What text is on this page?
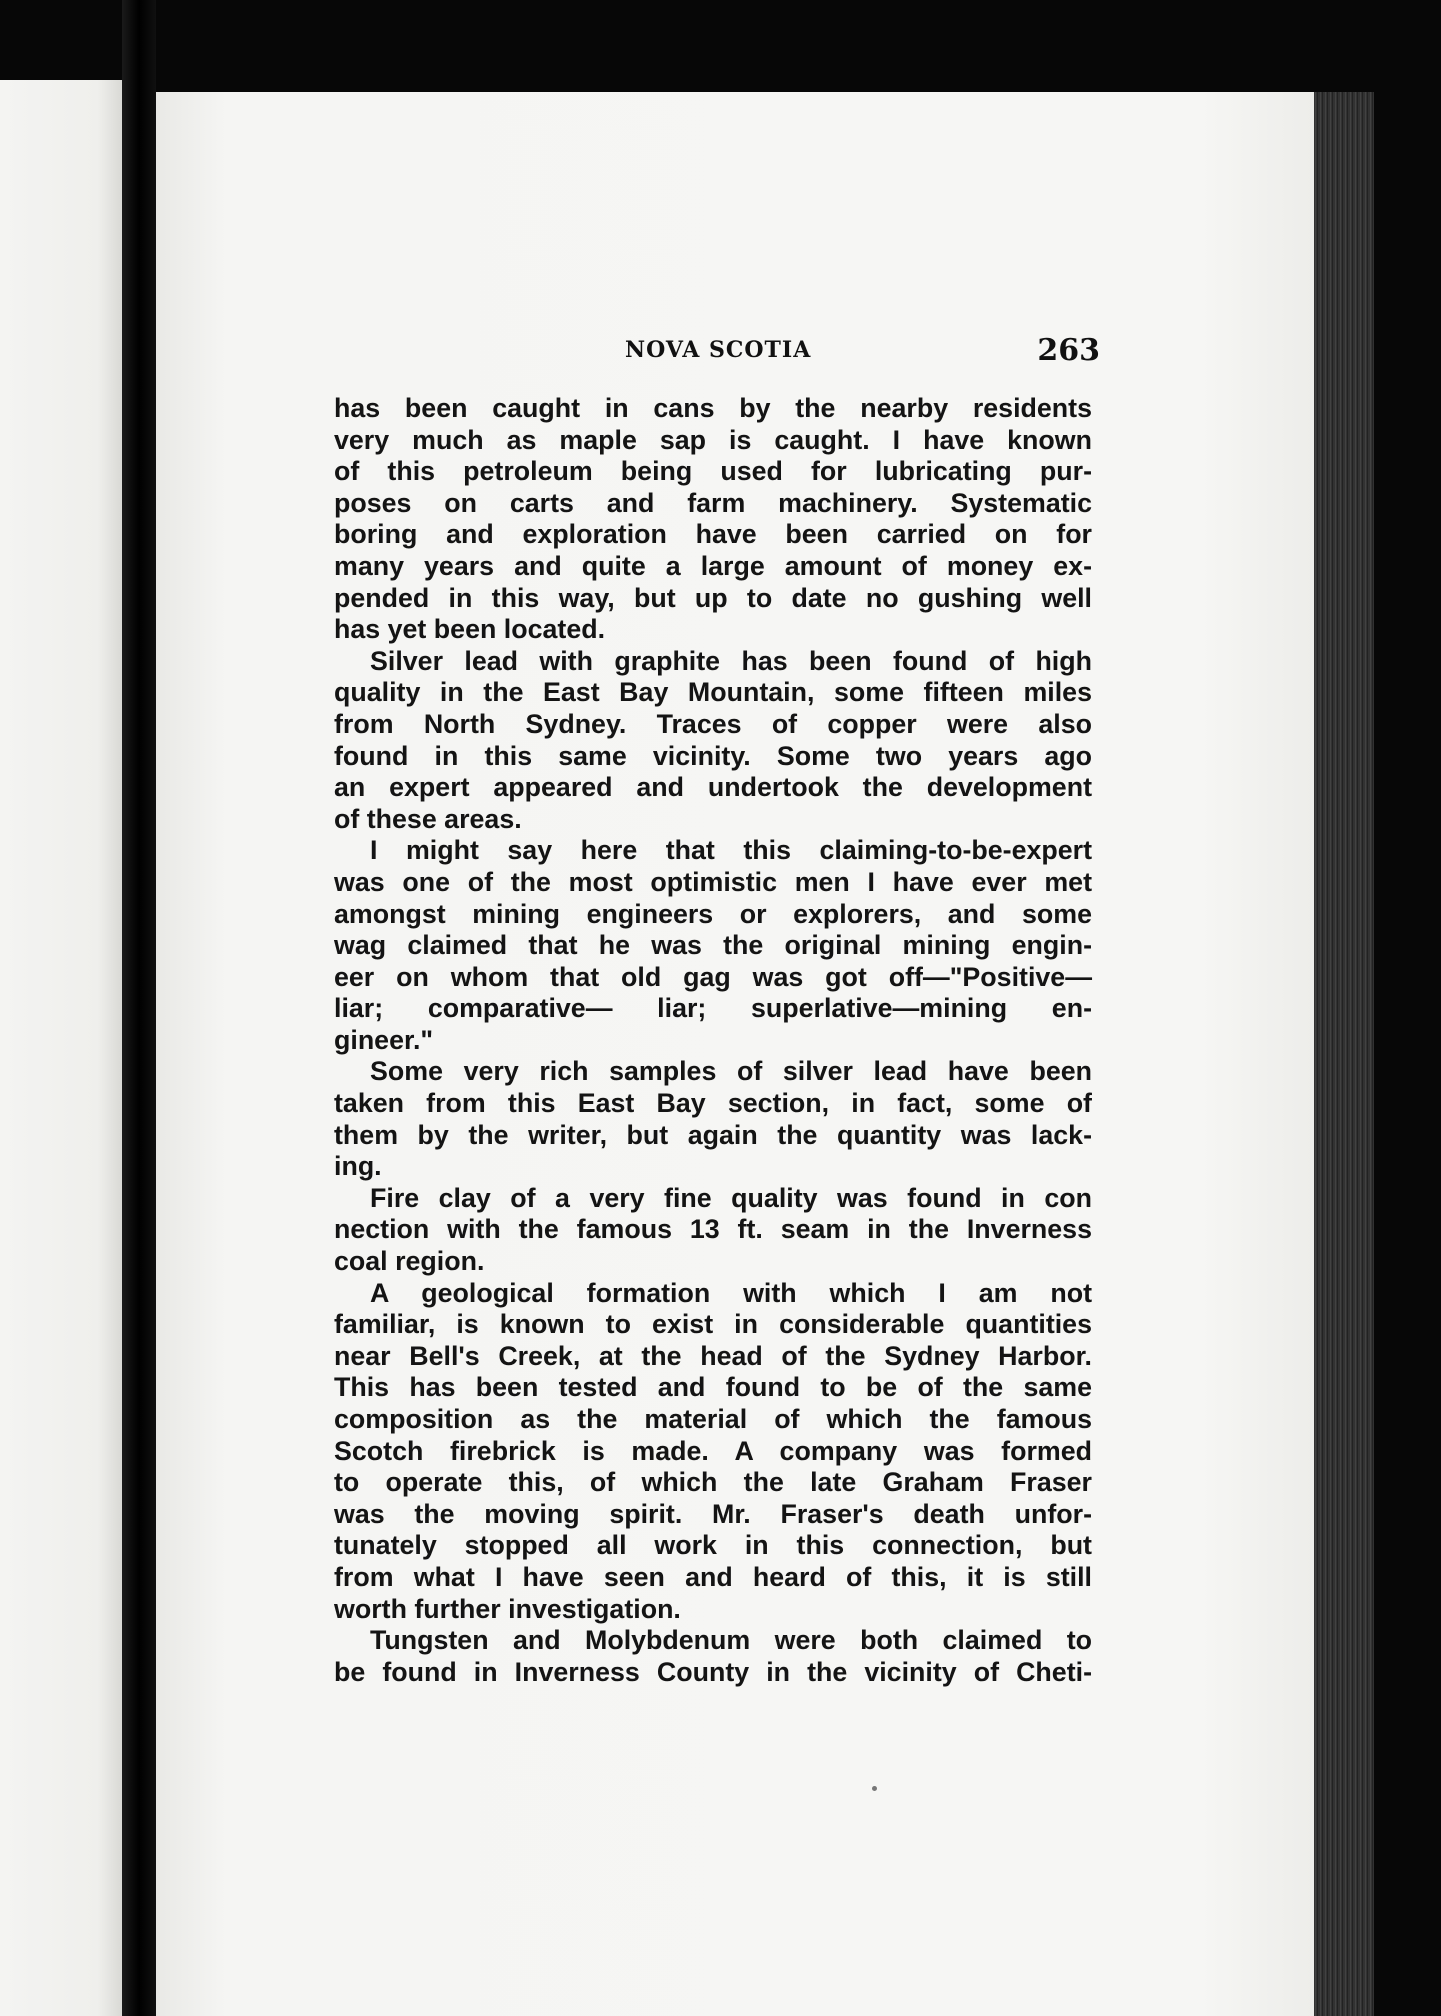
NOVA SCOTIA	263
has been caught in cans by the nearby residents
very much as maple sap is caught. I have known
of this petroleum being used for lubricating pur-
poses on carts and farm machinery. Systematic
boring and exploration have been carried on for
many years and quite a large amount of money ex-
pended in this way, but up to date no gushing well
has yet been located.
Silver lead with graphite has been found of high
quality in the East Bay Mountain, some fifteen miles
from North Sydney. Traces of copper were also
found in this same vicinity. Some two years ago
an expert appeared and undertook the development
of these areas.
I might say here that this claiming-to-be-expert
was one of the most optimistic men I have ever met
amongst mining engineers or explorers, and some
wag claimed that he was the original mining engin-
eer on whom that old gag was got off—"Positive—
liar; comparative— liar; superlative—mining en-
gineer."
Some very rich samples of silver lead have been
taken from this East Bay section, in fact, some of
them by the writer, but again the quantity was lack-
ing.
Fire clay of a very fine quality was found in con
nection with the famous 13 ft. seam in the Inverness
coal region.
A geological formation with which I am not
familiar, is known to exist in considerable quantities
near Bell's Creek, at the head of the Sydney Harbor.
This has been tested and found to be of the same
composition as the material of which the famous
Scotch firebrick is made. A company was formed
to operate this, of which the late Graham Fraser
was the moving spirit. Mr. Fraser's death unfor-
tunately stopped all work in this connection, but
from what I have seen and heard of this, it is still
worth further investigation.
Tungsten and Molybdenum were both claimed to
be found in Inverness County in the vicinity of Cheti-
